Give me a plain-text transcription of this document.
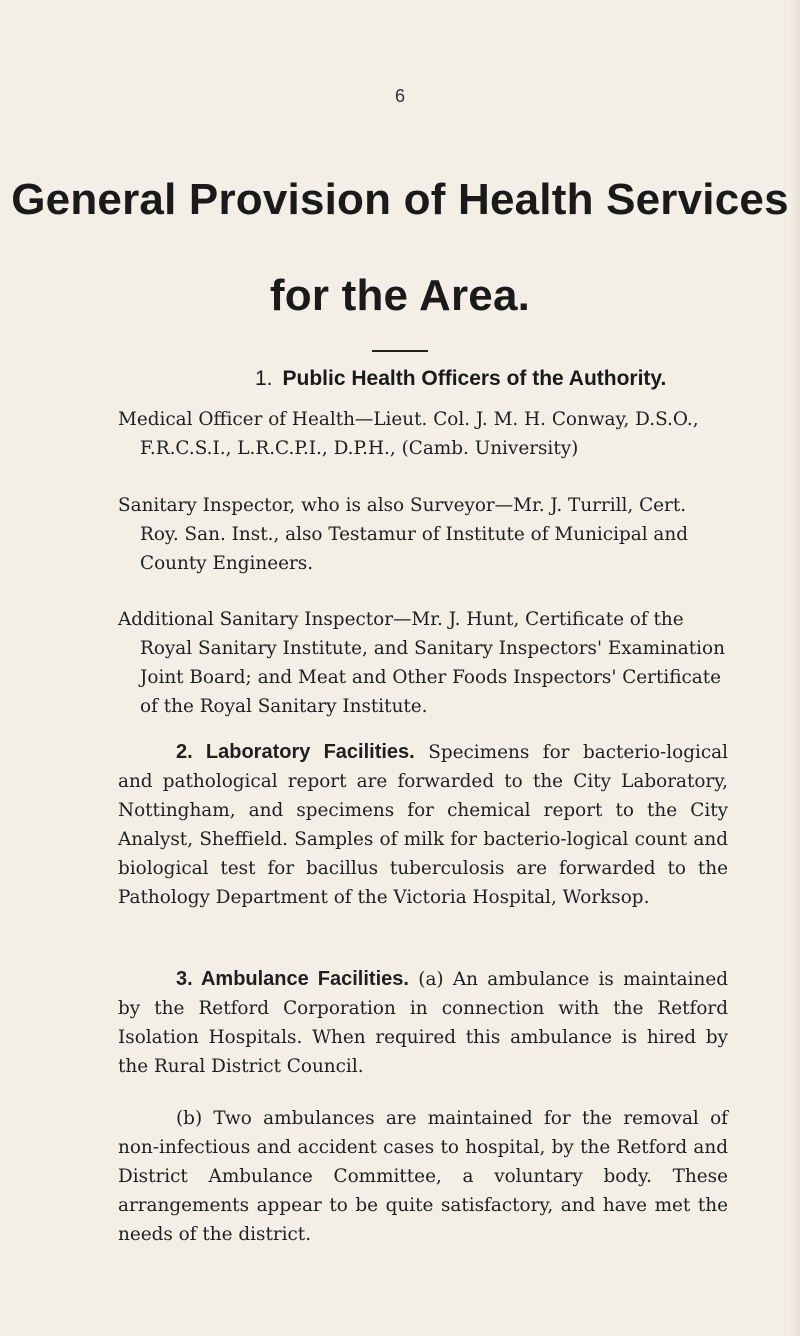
6
General Provision of Health Services
for the Area.
1. Public Health Officers of the Authority.

Medical Officer of Health—Lieut. Col. J. M. H. Conway, D.S.O., F.R.C.S.I., L.R.C.P.I., D.P.H., (Camb. University)

Sanitary Inspector, who is also Surveyor—Mr. J. Turrill, Cert. Roy. San. Inst., also Testamur of Institute of Municipal and County Engineers.

Additional Sanitary Inspector—Mr. J. Hunt, Certificate of the Royal Sanitary Institute, and Sanitary Inspectors' Examination Joint Board; and Meat and Other Foods Inspectors' Certificate of the Royal Sanitary Institute.

2. Laboratory Facilities. Specimens for bacterio-logical and pathological report are forwarded to the City Laboratory, Nottingham, and specimens for chemical report to the City Analyst, Sheffield. Samples of milk for bacterio-logical count and biological test for bacillus tuberculosis are forwarded to the Pathology Department of the Victoria Hospital, Worksop.

3. Ambulance Facilities. (a) An ambulance is maintained by the Retford Corporation in connection with the Retford Isolation Hospitals. When required this ambulance is hired by the Rural District Council.

(b) Two ambulances are maintained for the removal of non-infectious and accident cases to hospital, by the Retford and District Ambulance Committee, a voluntary body. These arrangements appear to be quite satisfactory, and have met the needs of the district.
